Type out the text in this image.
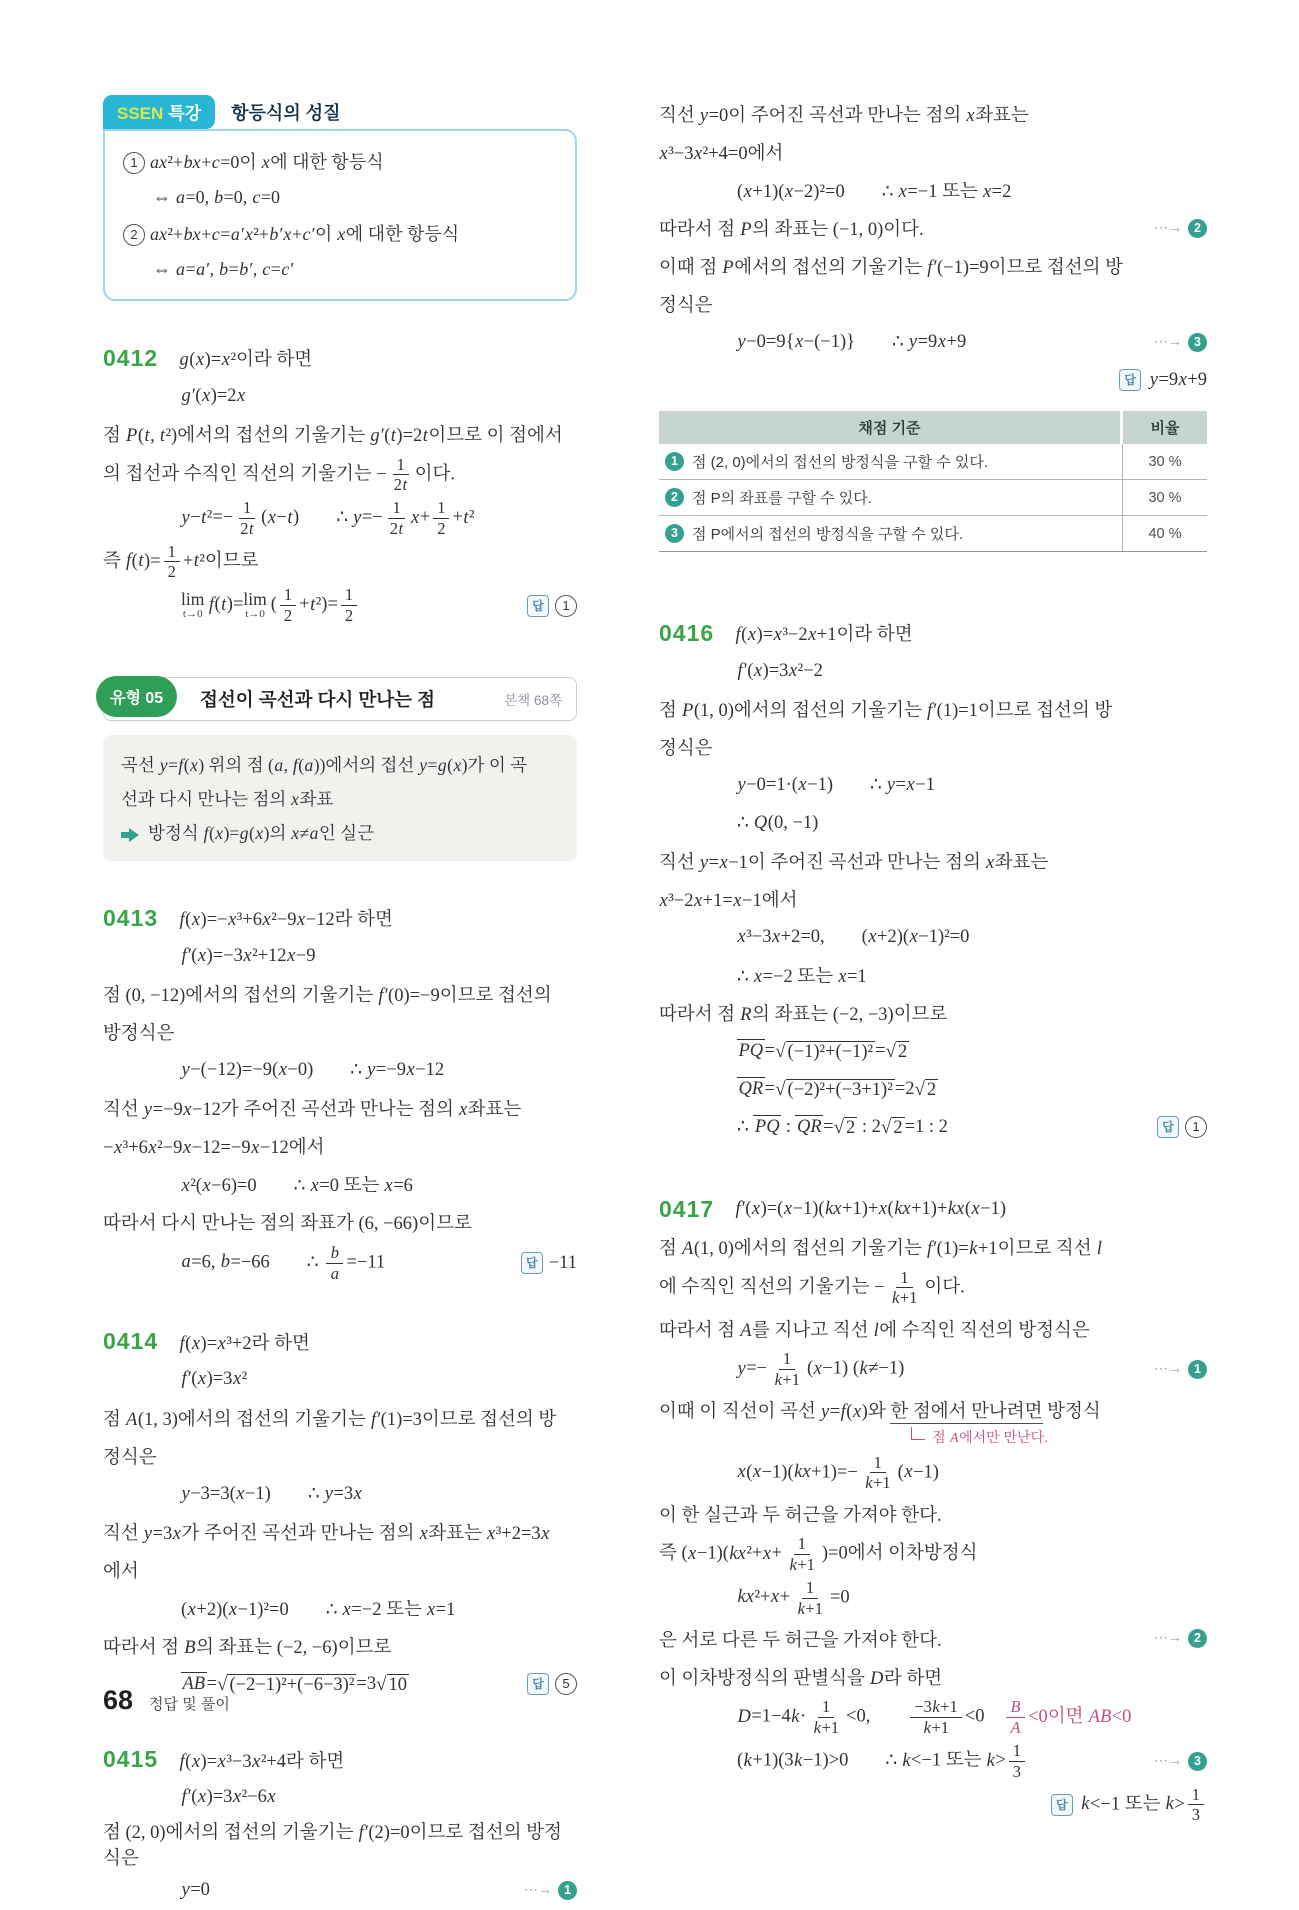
SSEN 특강	항등식의 성질
1 ax²+bx+c=0이 x에 대한 항등식
⇔ a=0, b=0, c=0
2 ax²+bx+c=a′x²+b′x+c′이 x에 대한 항등식
⇔ a=a′, b=b′, c=c′
0412	g(x)=x²이라 하면
g′(x)=2x
점 P(t, t²)에서의 접선의 기울기는 g′(t)=2t이므로 이 점에서
의 접선과 수직인 직선의 기울기는 − $\frac{1}{2t}$ 이다.
$y-t^2=- \frac{1}{2t} (x-t)$  ∴ $y=- \frac{1}{2t} x+ \frac{1}{2} +t^2$
즉 $f(t)= \frac{1}{2} +t^2$이므로
lim
t→0 f(t)= lim
t→0 ( $\frac{1}{2} +t^2)= \frac{1}{2}$	답	1
유형 05	접선이 곡선과 다시 만나는 점	본책 68쪽
곡선 y=f(x) 위의 점 (a, f(a))에서의 접선 y=g(x)가 이 곡
선과 다시 만나는 점의 x좌표
방정식 f(x)=g(x)의 x≠a인 실근
0413	f(x)=−x³+6x²−9x−12라 하면
f′(x)=−3x²+12x−9
점 (0, −12)에서의 접선의 기울기는 f′(0)=−9이므로 접선의
방정식은
y−(−12)=−9(x−0)  ∴ y=−9x−12
직선 y=−9x−12가 주어진 곡선과 만나는 점의 x좌표는
−x³+6x²−9x−12=−9x−12에서
x²(x−6)=0  ∴ x=0 또는 x=6
따라서 다시 만나는 점의 좌표가 (6, −66)이므로
a=6, b=−66  ∴ $\frac{b}{a} =-11$	답 −11
0414	f(x)=x³+2라 하면
f′(x)=3x²
점 A(1, 3)에서의 접선의 기울기는 f′(1)=3이므로 접선의 방
정식은
y−3=3(x−1)  ∴ y=3x
직선 y=3x가 주어진 곡선과 만나는 점의 x좌표는 x³+2=3x
에서
(x+2)(x−1)²=0  ∴ x=−2 또는 x=1
따라서 점 B의 좌표는 (−2, −6)이므로
AB= √ (−2−1)²+(−6−3)² =3 √ 10	답	5
0415	f(x)=x³−3x²+4라 하면
f′(x)=3x²−6x
점 (2, 0)에서의 접선의 기울기는 f′(2)=0이므로 접선의 방정식은
y=0	⋯→ 1
직선 y=0이 주어진 곡선과 만나는 점의 x좌표는
x³−3x²+4=0에서
(x+1)(x−2)²=0  ∴ x=−1 또는 x=2
따라서 점 P의 좌표는 (−1, 0)이다.	⋯→ 2
이때 점 P에서의 접선의 기울기는 f′(−1)=9이므로 접선의 방
정식은
y−0=9{x−(−1)}  ∴ y=9x+9	⋯→ 3
답 y=9x+9
채점 기준	비율
1 점 (2, 0)에서의 접선의 방정식을 구할 수 있다.	30 %
2 점 P의 좌표를 구할 수 있다.	30 %
3 점 P에서의 접선의 방정식을 구할 수 있다.	40 %
0416	f(x)=x³−2x+1이라 하면
f′(x)=3x²−2
점 P(1, 0)에서의 접선의 기울기는 f′(1)=1이므로 접선의 방
정식은
y−0=1·(x−1)  ∴ y=x−1
∴ Q(0, −1)
직선 y=x−1이 주어진 곡선과 만나는 점의 x좌표는
x³−2x+1=x−1에서
x³−3x+2=0,  (x+2)(x−1)²=0
∴ x=−2 또는 x=1
따라서 점 R의 좌표는 (−2, −3)이므로
PQ= √ (−1)²+(−1)² = √ 2
QR= √ (−2)²+(−3+1)² =2 √ 2
∴ PQ : QR= √ 2 : 2 √ 2 =1 : 2	답	1
0417	f′(x)=(x−1)(kx+1)+x(kx+1)+kx(x−1)
점 A(1, 0)에서의 접선의 기울기는 f′(1)=k+1이므로 직선 l
에 수직인 직선의 기울기는 − $\frac{1}{k+1}$ 이다.
따라서 점 A를 지나고 직선 l에 수직인 직선의 방정식은
$y=- \frac{1}{k+1} (x-1)$ (k≠−1)	⋯→ 1
이때 이 직선이 곡선 y=f(x)와 한 점에서 만나려면 방정식
점 A에서만 만난다.
$x(x-1)(kx+1)=- \frac{1}{k+1} (x-1)$
이 한 실근과 두 허근을 가져야 한다.
즉 $(x-1)(kx^2+x+ \frac{1}{k+1} )=0$에서 이차방정식
$kx^2+x+ \frac{1}{k+1} =0$
은 서로 다른 두 허근을 가져야 한다.	⋯→ 2
이 이차방정식의 판별식을 D라 하면
$D=1-4k\cdot \frac{1}{k+1} <0$,   $\frac{-3k+1}{k+1} <0$   $\frac{B}{A} <0$이면 AB<0
(k+1)(3k−1)>0  ∴ k<−1 또는 $k> \frac{1}{3}$	⋯→ 3
답 k<−1 또는 $k> \frac{1}{3}$
68 정답 및 풀이
